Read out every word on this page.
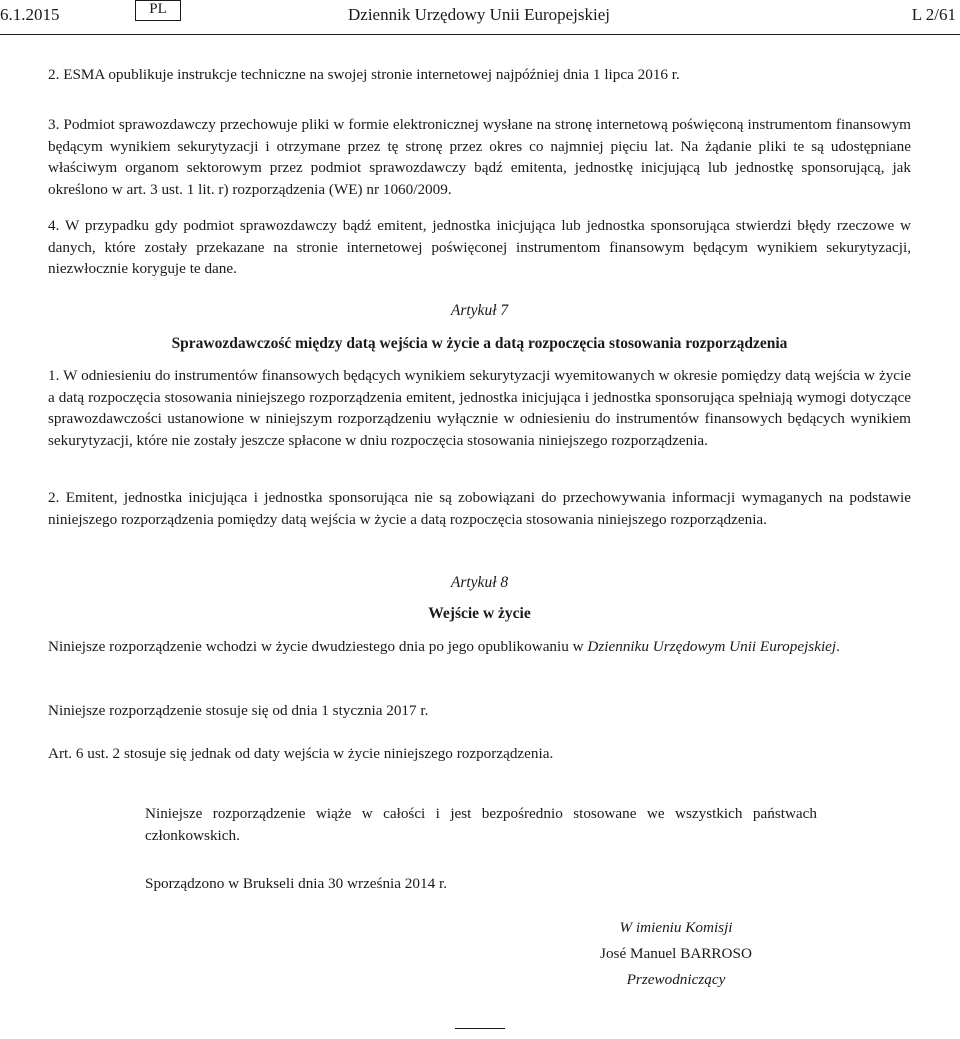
6.1.2015	PL	Dziennik Urzędowy Unii Europejskiej	L 2/61

2. ESMA opublikuje instrukcje techniczne na swojej stronie internetowej najpóźniej dnia 1 lipca 2016 r.

3. Podmiot sprawozdawczy przechowuje pliki w formie elektronicznej wysłane na stronę internetową poświęconą instrumentom finansowym będącym wynikiem sekurytyzacji i otrzymane przez tę stronę przez okres co najmniej pięciu lat. Na żądanie pliki te są udostępniane właściwym organom sektorowym przez podmiot sprawozdawczy bądź emitenta, jednostkę inicjującą lub jednostkę sponsorującą, jak określono w art. 3 ust. 1 lit. r) rozporządzenia (WE) nr 1060/2009.

4. W przypadku gdy podmiot sprawozdawczy bądź emitent, jednostka inicjująca lub jednostka sponsorująca stwierdzi błędy rzeczowe w danych, które zostały przekazane na stronie internetowej poświęconej instrumentom finansowym będącym wynikiem sekurytyzacji, niezwłocznie koryguje te dane.

Artykuł 7

Sprawozdawczość między datą wejścia w życie a datą rozpoczęcia stosowania rozporządzenia

1. W odniesieniu do instrumentów finansowych będących wynikiem sekurytyzacji wyemitowanych w okresie pomiędzy datą wejścia w życie a datą rozpoczęcia stosowania niniejszego rozporządzenia emitent, jednostka inicjująca i jednostka sponsorująca spełniają wymogi dotyczące sprawozdawczości ustanowione w niniejszym rozporządzeniu wyłącznie w odniesieniu do instrumentów finansowych będących wynikiem sekurytyzacji, które nie zostały jeszcze spłacone w dniu rozpoczęcia stosowania niniejszego rozporządzenia.

2. Emitent, jednostka inicjująca i jednostka sponsorująca nie są zobowiązani do przechowywania informacji wymaganych na podstawie niniejszego rozporządzenia pomiędzy datą wejścia w życie a datą rozpoczęcia stosowania niniejszego rozporządzenia.

Artykuł 8

Wejście w życie

Niniejsze rozporządzenie wchodzi w życie dwudziestego dnia po jego opublikowaniu w Dzienniku Urzędowym Unii Europejskiej.

Niniejsze rozporządzenie stosuje się od dnia 1 stycznia 2017 r.

Art. 6 ust. 2 stosuje się jednak od daty wejścia w życie niniejszego rozporządzenia.

Niniejsze rozporządzenie wiąże w całości i jest bezpośrednio stosowane we wszystkich państwach członkowskich.

Sporządzono w Brukseli dnia 30 września 2014 r.

W imieniu Komisji

José Manuel BARROSO

Przewodniczący
